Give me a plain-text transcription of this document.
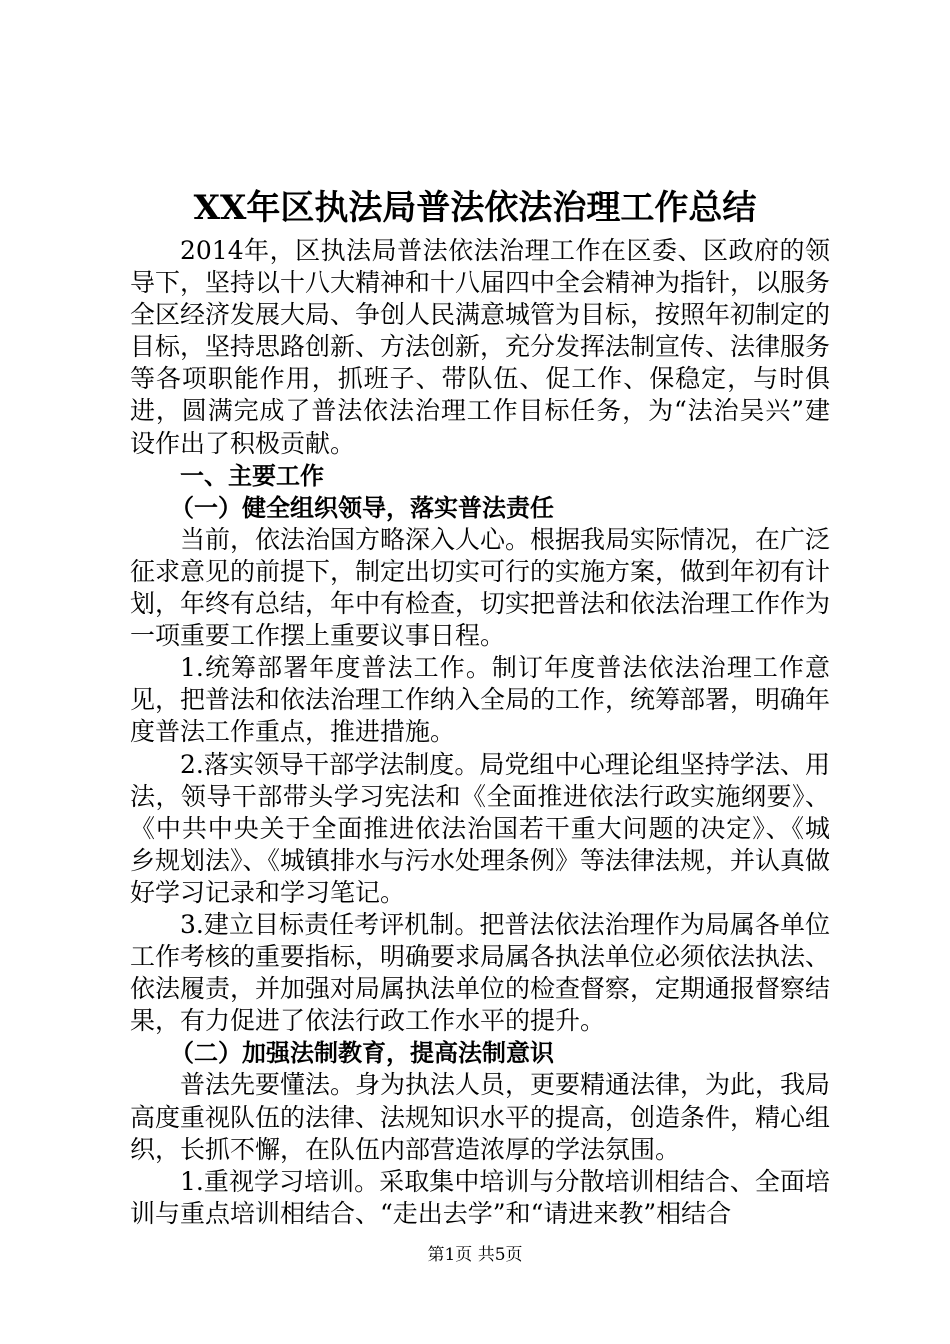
XX年区执法局普法依法治理工作总结

2014年，区执法局普法依法治理工作在区委、区政府的领导下，坚持以十八大精神和十八届四中全会精神为指针，以服务全区经济发展大局、争创人民满意城管为目标，按照年初制定的目标，坚持思路创新、方法创新，充分发挥法制宣传、法律服务等各项职能作用，抓班子、带队伍、促工作、保稳定，与时俱进，圆满完成了普法依法治理工作目标任务，为“法治吴兴”建设作出了积极贡献。

一、主要工作

（一）健全组织领导，落实普法责任

当前，依法治国方略深入人心。根据我局实际情况，在广泛征求意见的前提下，制定出切实可行的实施方案，做到年初有计划，年终有总结，年中有检查，切实把普法和依法治理工作作为一项重要工作摆上重要议事日程。

1.统筹部署年度普法工作。制订年度普法依法治理工作意见，把普法和依法治理工作纳入全局的工作，统筹部署，明确年度普法工作重点，推进措施。

2.落实领导干部学法制度。局党组中心理论组坚持学法、用法，领导干部带头学习宪法和《全面推进依法行政实施纲要》、《中共中央关于全面推进依法治国若干重大问题的决定》、《城乡规划法》、《城镇排水与污水处理条例》等法律法规，并认真做好学习记录和学习笔记。

3.建立目标责任考评机制。把普法依法治理作为局属各单位工作考核的重要指标，明确要求局属各执法单位必须依法执法、依法履责，并加强对局属执法单位的检查督察，定期通报督察结果，有力促进了依法行政工作水平的提升。

（二）加强法制教育，提高法制意识

普法先要懂法。身为执法人员，更要精通法律，为此，我局高度重视队伍的法律、法规知识水平的提高，创造条件，精心组织，长抓不懈，在队伍内部营造浓厚的学法氛围。

1.重视学习培训。采取集中培训与分散培训相结合、全面培训与重点培训相结合、“走出去学”和“请进来教”相结合

第1页 共5页
